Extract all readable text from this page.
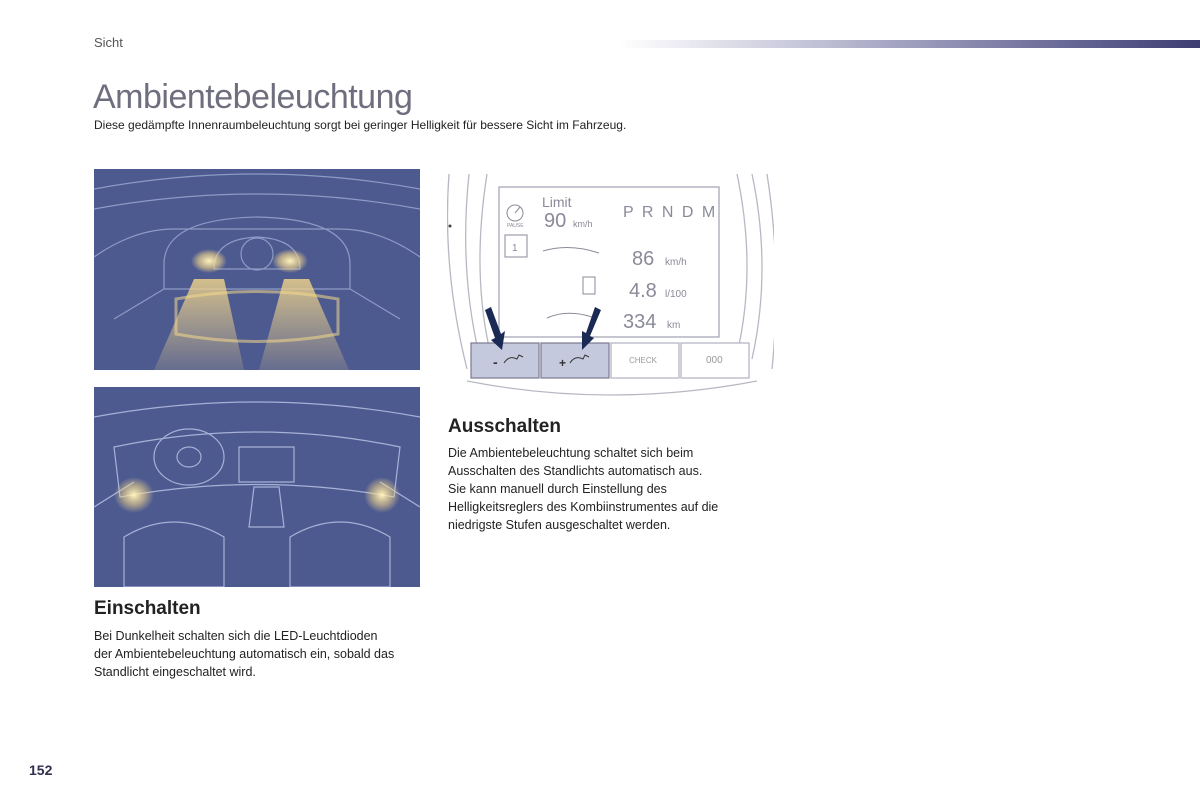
Sicht
Ambientebeleuchtung
Diese gedämpfte Innenraumbeleuchtung sorgt bei geringer Helligkeit für bessere Sicht im Fahrzeug.
Limit
90 km/h
P R N D M
PAUSE
1	86 km/h
4.8 l/100
334 km
-	+	CHECK	000
Einschalten
Bei Dunkelheit schalten sich die LED-Leuchtdioden
der Ambientebeleuchtung automatisch ein, sobald das
Standlicht eingeschaltet wird.
Ausschalten
Die Ambientebeleuchtung schaltet sich beim
Ausschalten des Standlichts automatisch aus.
Sie kann manuell durch Einstellung des
Helligkeitsreglers des Kombiinstrumentes auf die
niedrigste Stufen ausgeschaltet werden.
152
